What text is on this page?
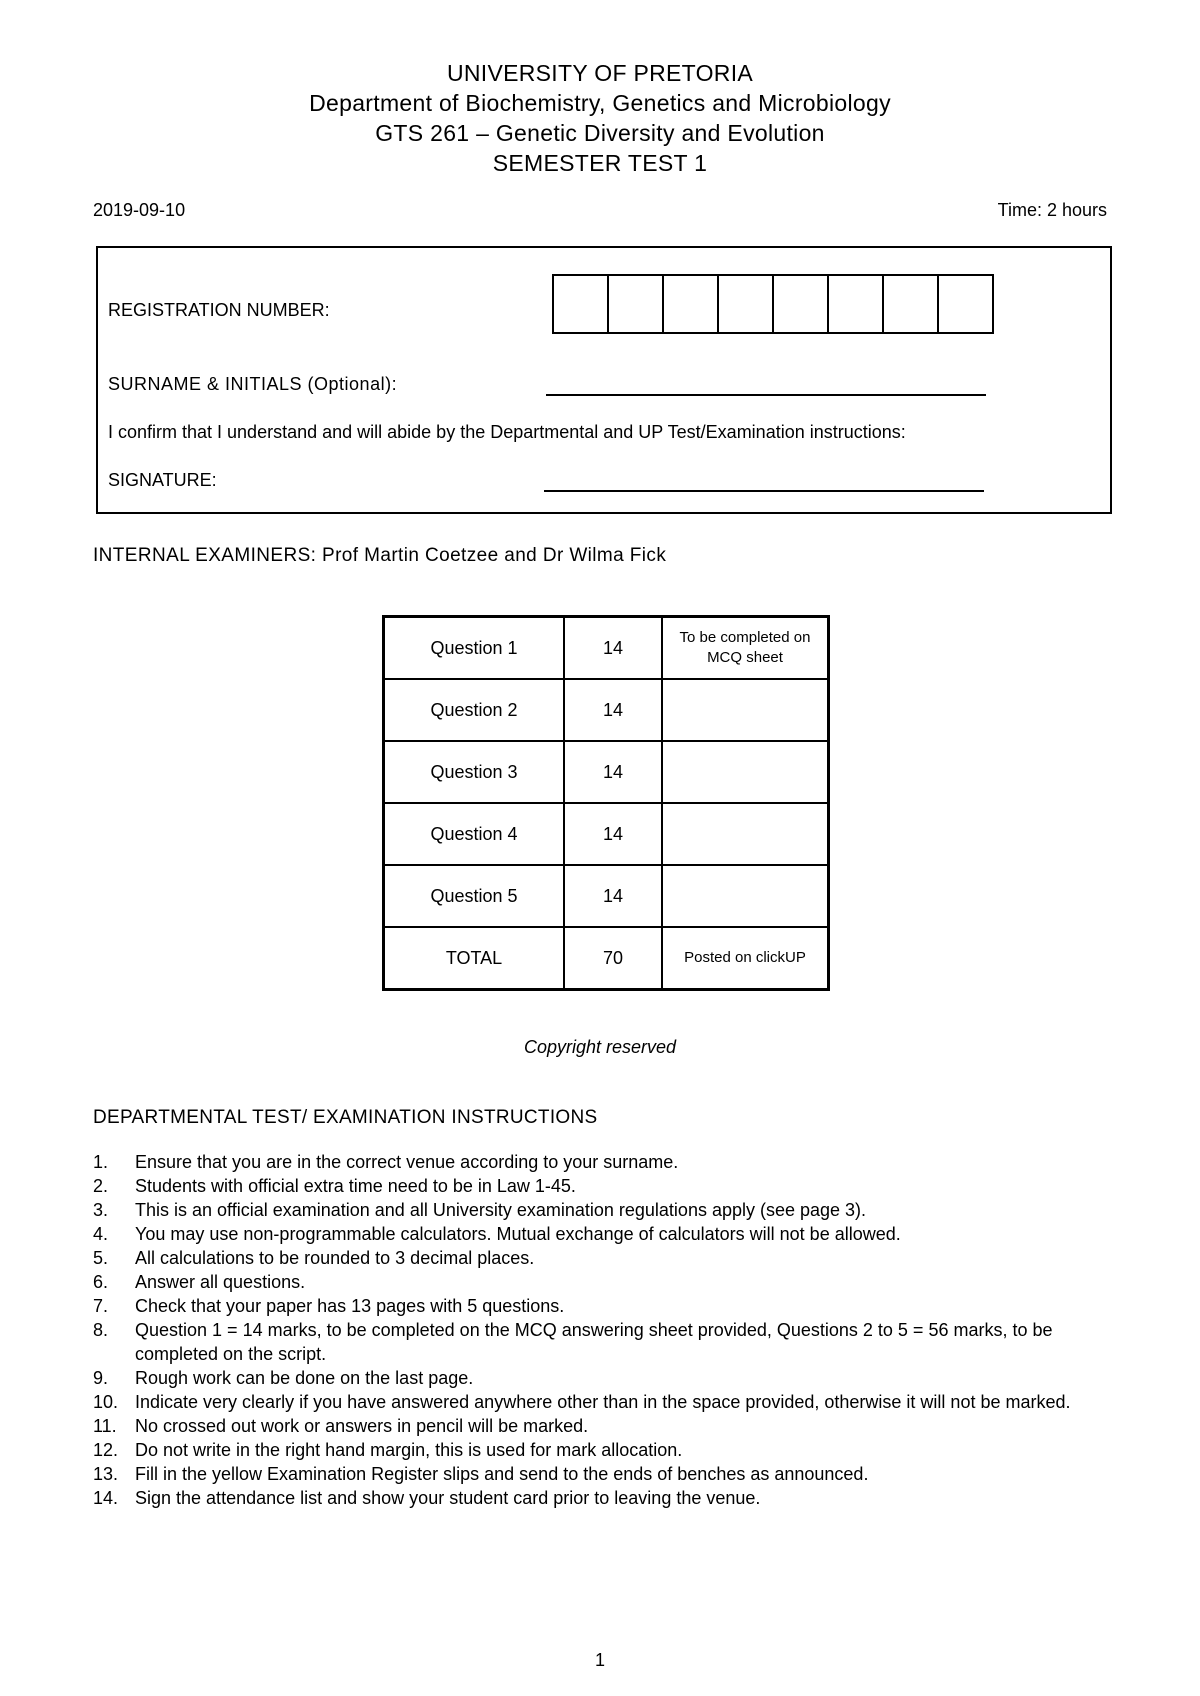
UNIVERSITY OF PRETORIA
Department of Biochemistry, Genetics and Microbiology
GTS 261 – Genetic Diversity and Evolution
SEMESTER TEST 1
2019-09-10	Time: 2 hours
REGISTRATION NUMBER:
SURNAME & INITIALS (Optional):
I confirm that I understand and will abide by the Departmental and UP Test/Examination instructions:
SIGNATURE:
INTERNAL EXAMINERS: Prof Martin Coetzee and Dr Wilma Fick
Question 1	14	To be completed on MCQ sheet
Question 2	14	
Question 3	14	
Question 4	14	
Question 5	14	
TOTAL	70	Posted on clickUP
Copyright reserved
DEPARTMENTAL TEST/ EXAMINATION INSTRUCTIONS
1.	Ensure that you are in the correct venue according to your surname.
2.	Students with official extra time need to be in Law 1-45.
3.	This is an official examination and all University examination regulations apply (see page 3).
4.	You may use non-programmable calculators. Mutual exchange of calculators will not be allowed.
5.	All calculations to be rounded to 3 decimal places.
6.	Answer all questions.
7.	Check that your paper has 13 pages with 5 questions.
8.	Question 1 = 14 marks, to be completed on the MCQ answering sheet provided, Questions 2 to 5 = 56 marks, to be completed on the script.
9.	Rough work can be done on the last page.
10. Indicate very clearly if you have answered anywhere other than in the space provided, otherwise it will not be marked.
11.	No crossed out work or answers in pencil will be marked.
12. Do not write in the right hand margin, this is used for mark allocation.
13. Fill in the yellow Examination Register slips and send to the ends of benches as announced.
14. Sign the attendance list and show your student card prior to leaving the venue.
1
